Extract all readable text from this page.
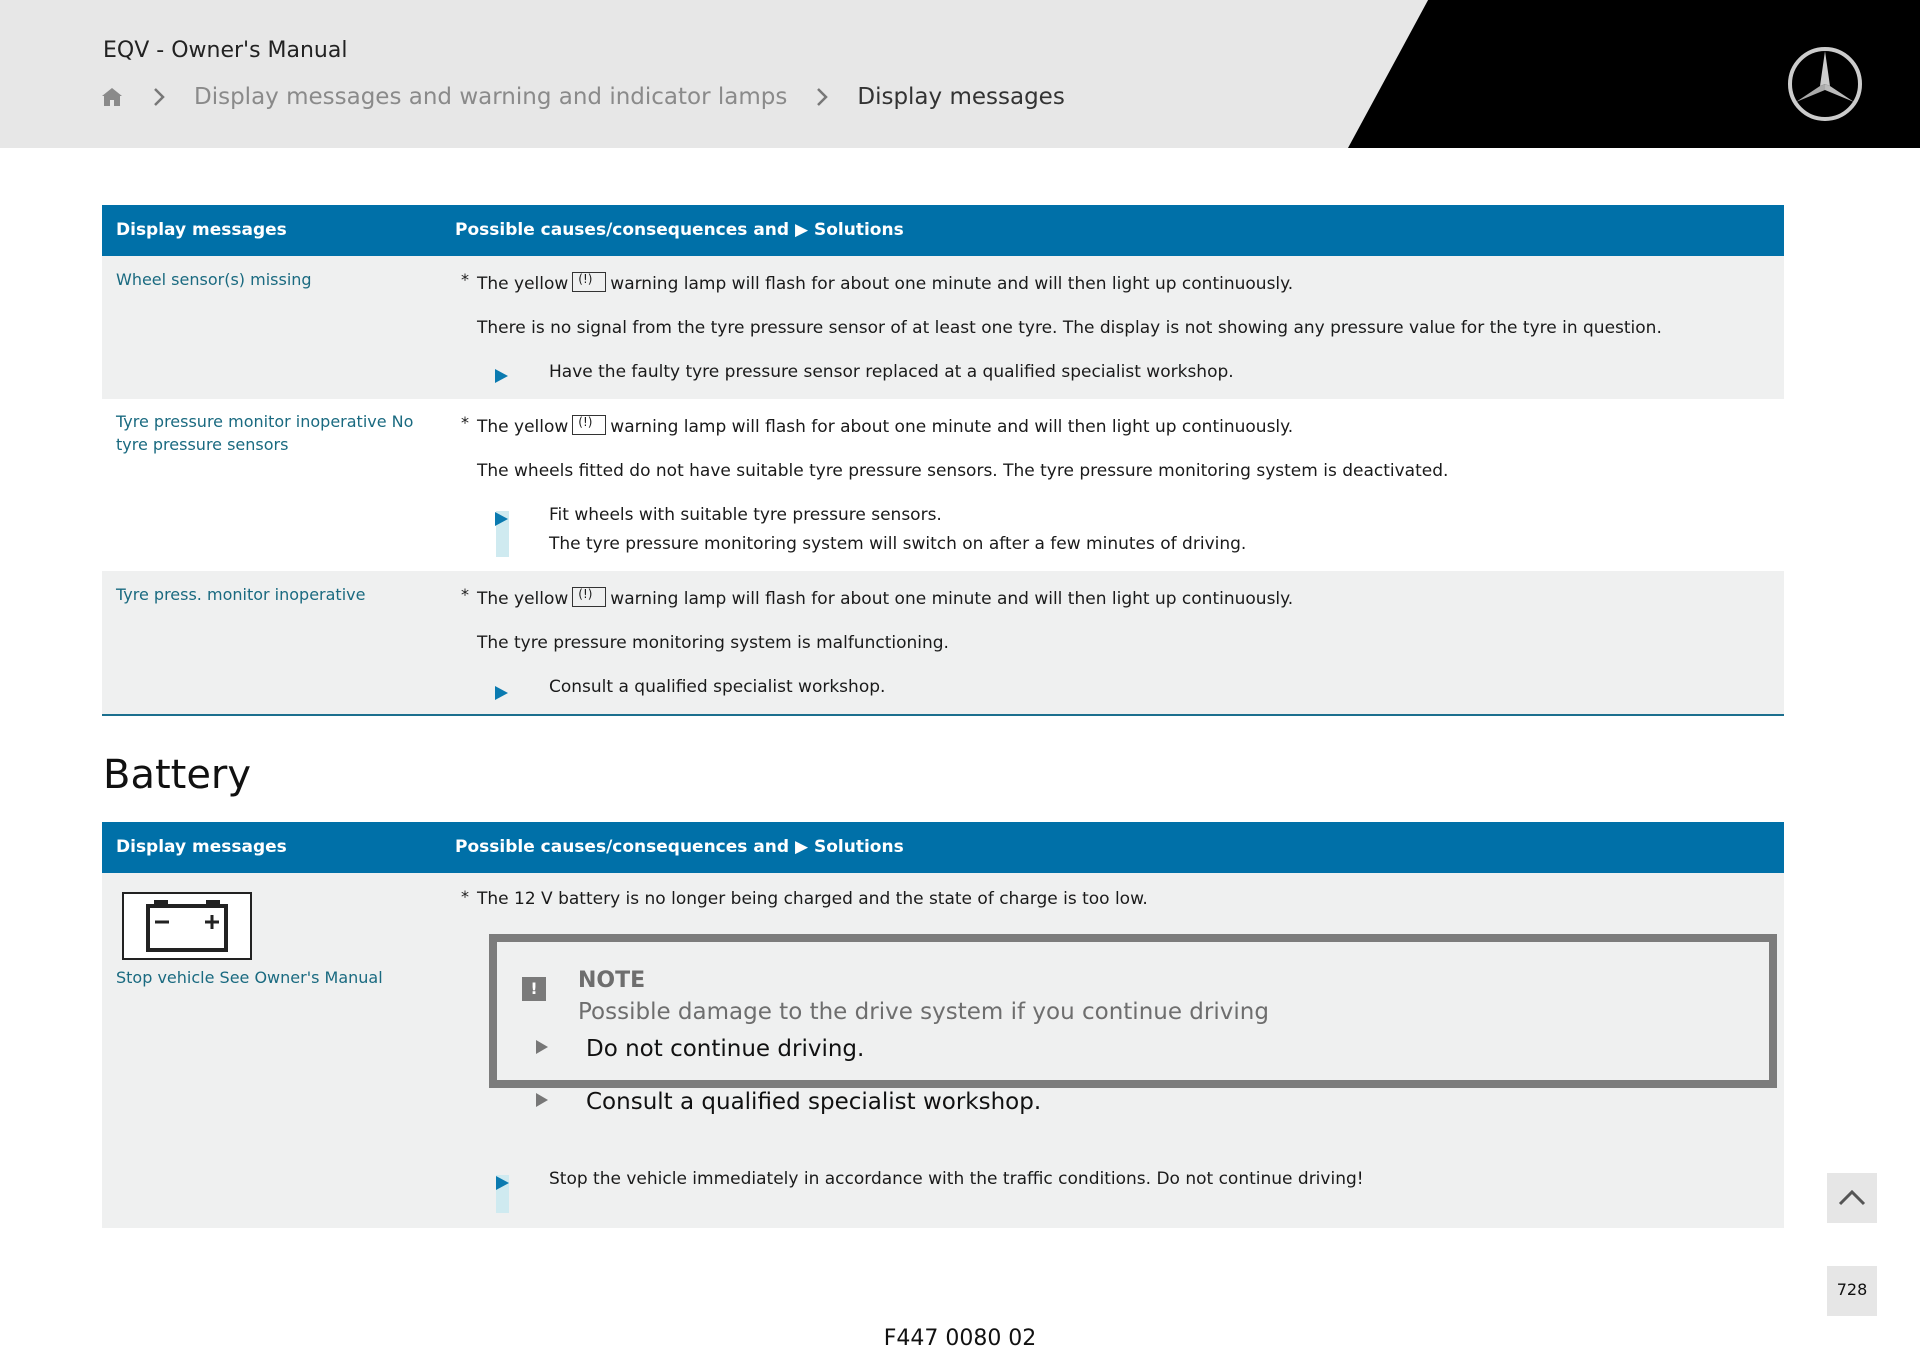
EQV - Owner's Manual
Display messages and warning and indicator lamps	Display messages
Display messages	Possible causes/consequences and ▶ Solutions
Wheel sensor(s) missing	* The yellow (!) warning lamp will flash for about one minute and will then light up continuously.
There is no signal from the tyre pressure sensor of at least one tyre. The display is not showing any pressure value for the tyre in question.
Have the faulty tyre pressure sensor replaced at a qualified specialist workshop.
Tyre pressure monitor inoperative No tyre pressure sensors
* The yellow (!) warning lamp will flash for about one minute and will then light up continuously.
The wheels fitted do not have suitable tyre pressure sensors. The tyre pressure monitoring system is deactivated.
Fit wheels with suitable tyre pressure sensors.
The tyre pressure monitoring system will switch on after a few minutes of driving.
Tyre press. monitor inoperative	* The yellow (!) warning lamp will flash for about one minute and will then light up continuously.
The tyre pressure monitoring system is malfunctioning.
Consult a qualified specialist workshop.
Battery
Display messages	Possible causes/consequences and ▶ Solutions
Stop vehicle See Owner's Manual
* The 12 V battery is no longer being charged and the state of charge is too low.
!	NOTE
Possible damage to the drive system if you continue driving
Do not continue driving.
Consult a qualified specialist workshop.
Stop the vehicle immediately in accordance with the traffic conditions. Do not continue driving!
728
F447 0080 02
